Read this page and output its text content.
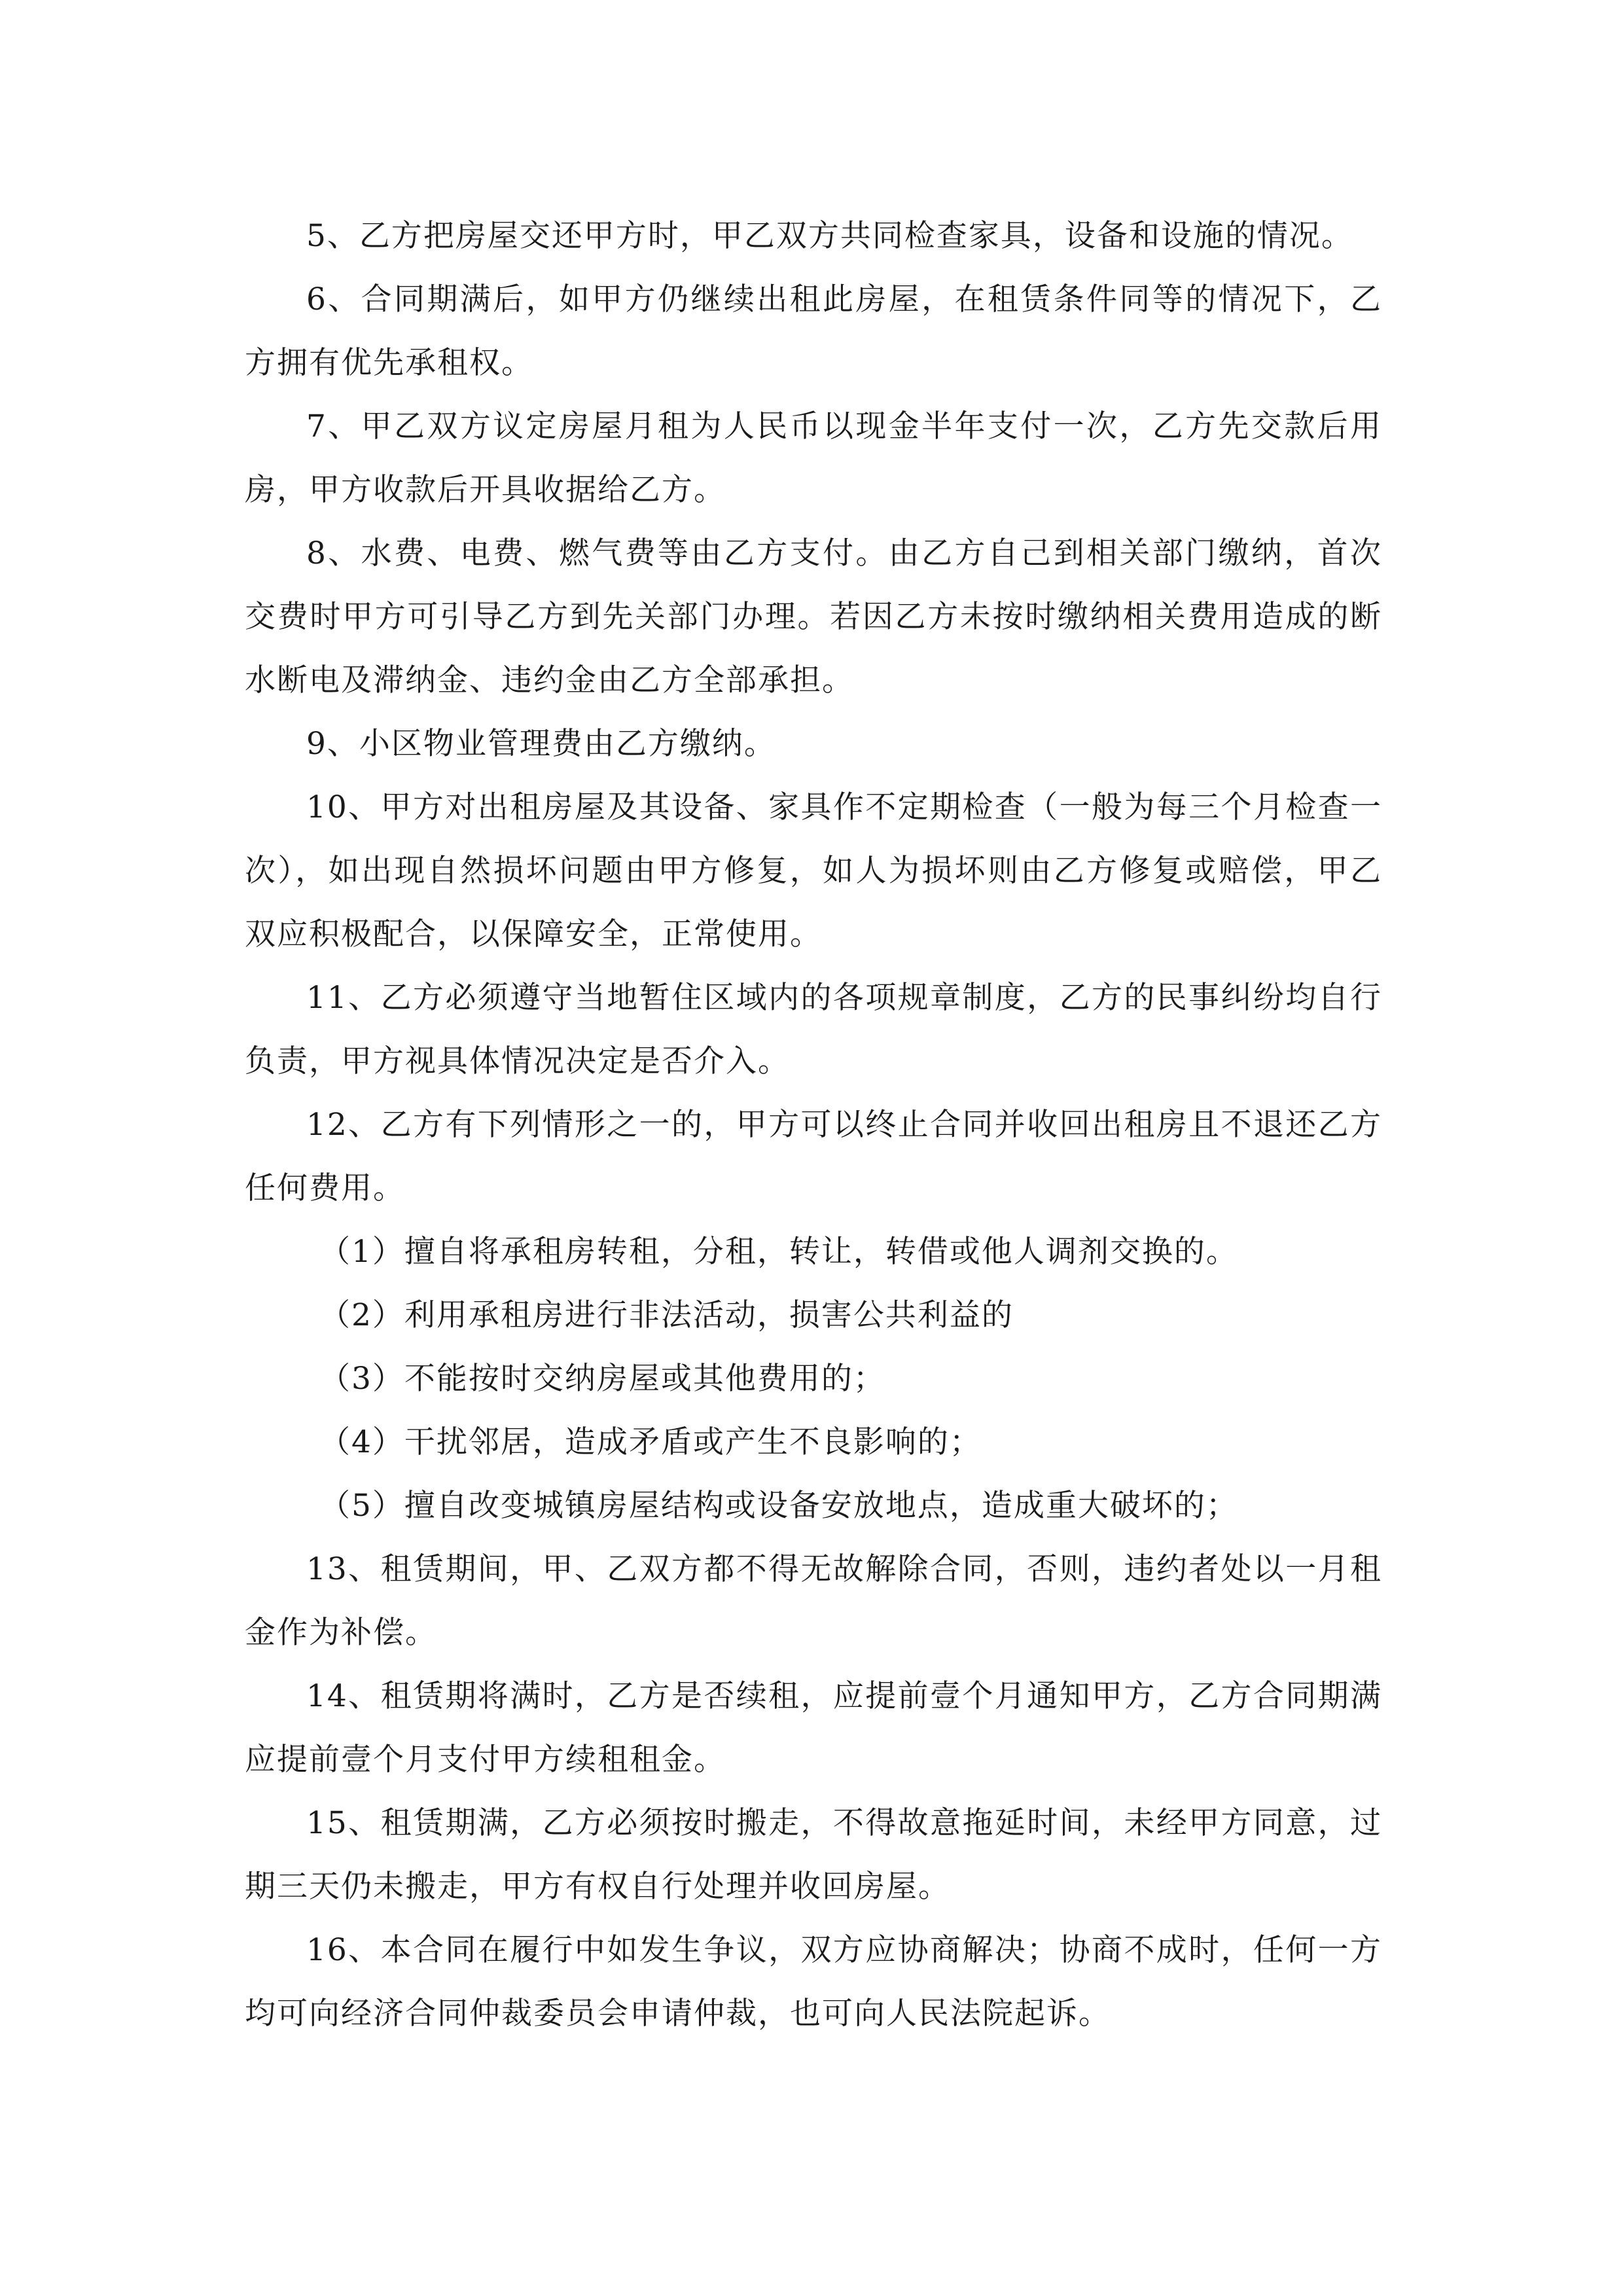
5、乙方把房屋交还甲方时，甲乙双方共同检查家具，设备和设施的情况。

6、合同期满后，如甲方仍继续出租此房屋，在租赁条件同等的情况下，乙方拥有优先承租权。

7、甲乙双方议定房屋月租为人民币以现金半年支付一次，乙方先交款后用房，甲方收款后开具收据给乙方。

8、水费、电费、燃气费等由乙方支付。由乙方自己到相关部门缴纳，首次交费时甲方可引导乙方到先关部门办理。若因乙方未按时缴纳相关费用造成的断水断电及滞纳金、违约金由乙方全部承担。

9、小区物业管理费由乙方缴纳。

10、甲方对出租房屋及其设备、家具作不定期检查（一般为每三个月检查一次），如出现自然损坏问题由甲方修复，如人为损坏则由乙方修复或赔偿，甲乙双应积极配合，以保障安全，正常使用。

11、乙方必须遵守当地暂住区域内的各项规章制度，乙方的民事纠纷均自行负责，甲方视具体情况决定是否介入。

12、乙方有下列情形之一的，甲方可以终止合同并收回出租房且不退还乙方任何费用。

（1）擅自将承租房转租，分租，转让，转借或他人调剂交换的。

（2）利用承租房进行非法活动，损害公共利益的

（3）不能按时交纳房屋或其他费用的；

（4）干扰邻居，造成矛盾或产生不良影响的；

（5）擅自改变城镇房屋结构或设备安放地点，造成重大破坏的；

13、租赁期间，甲、乙双方都不得无故解除合同，否则，违约者处以一月租金作为补偿。

14、租赁期将满时，乙方是否续租，应提前壹个月通知甲方，乙方合同期满应提前壹个月支付甲方续租租金。

15、租赁期满，乙方必须按时搬走，不得故意拖延时间，未经甲方同意，过期三天仍未搬走，甲方有权自行处理并收回房屋。

16、本合同在履行中如发生争议，双方应协商解决；协商不成时，任何一方均可向经济合同仲裁委员会申请仲裁，也可向人民法院起诉。
